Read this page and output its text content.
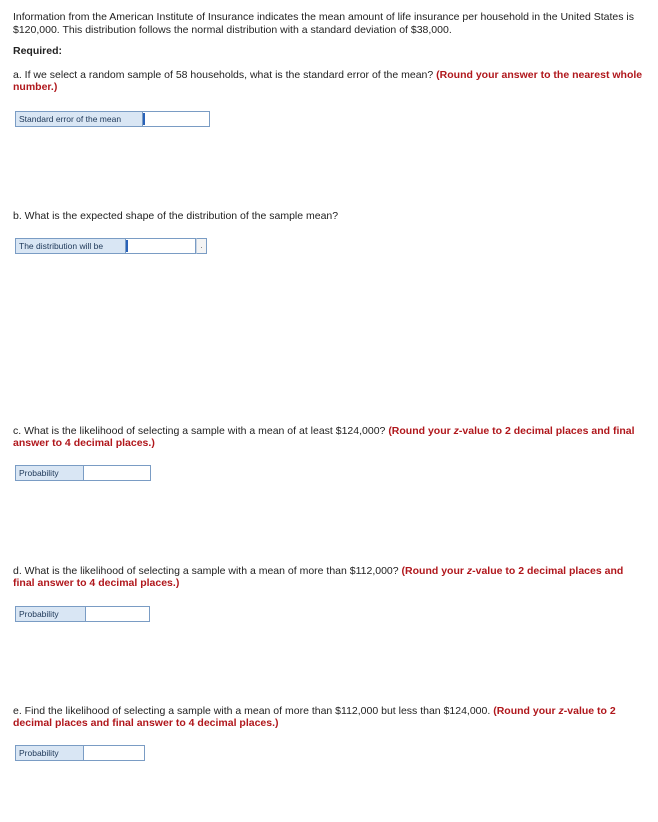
Information from the American Institute of Insurance indicates the mean amount of life insurance per household in the United States is $120,000. This distribution follows the normal distribution with a standard deviation of $38,000.
Required:
a. If we select a random sample of 58 households, what is the standard error of the mean? (Round your answer to the nearest whole number.)
Standard error of the mean
b. What is the expected shape of the distribution of the sample mean?
The distribution will be	.
c. What is the likelihood of selecting a sample with a mean of at least $124,000? (Round your z-value to 2 decimal places and final answer to 4 decimal places.)
Probability
d. What is the likelihood of selecting a sample with a mean of more than $112,000? (Round your z-value to 2 decimal places and final answer to 4 decimal places.)
Probability
e. Find the likelihood of selecting a sample with a mean of more than $112,000 but less than $124,000. (Round your z-value to 2 decimal places and final answer to 4 decimal places.)
Probability
